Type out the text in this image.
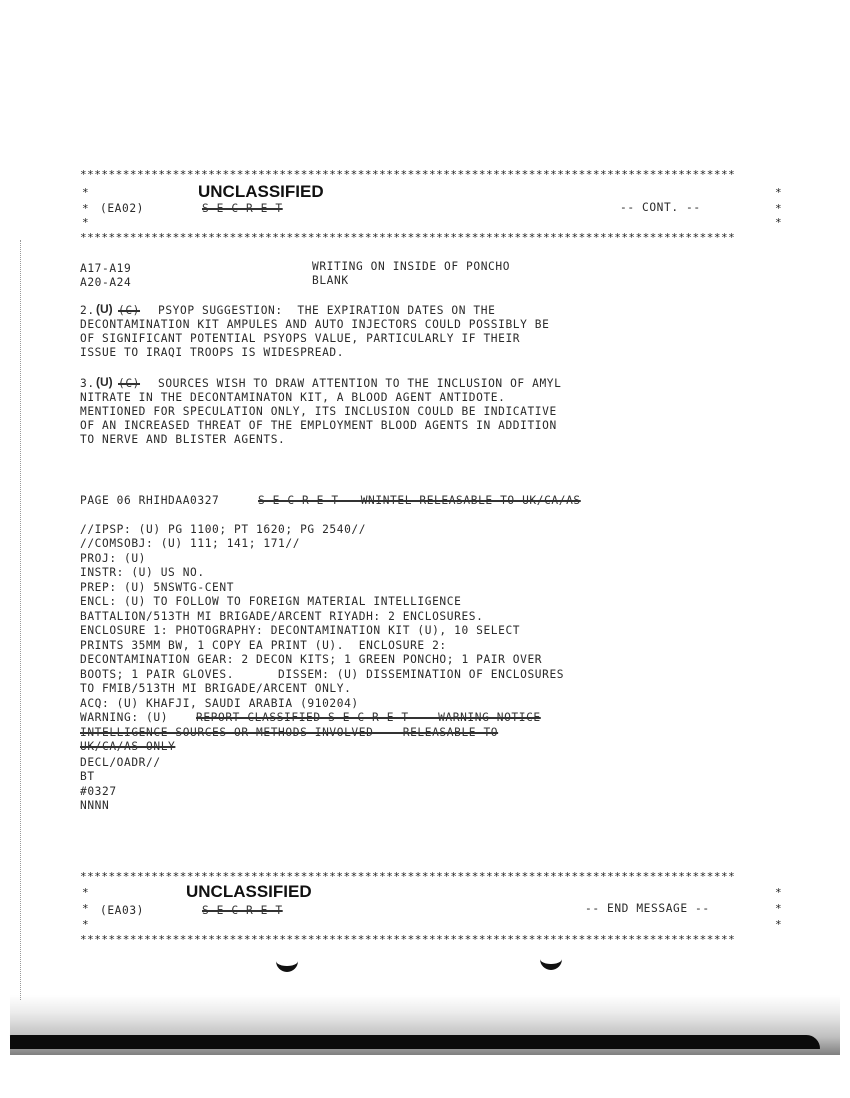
********************************************************************************************
*	*
UNCLASSIFIED
* (EA02)	S E C R E T	-- CONT. --	*
*	*
********************************************************************************************
A17-A19	WRITING ON INSIDE OF PONCHO
A20-A24	BLANK
2. (U) (C) PSYOP SUGGESTION:  THE EXPIRATION DATES ON THE
DECONTAMINATION KIT AMPULES AND AUTO INJECTORS COULD POSSIBLY BE
OF SIGNIFICANT POTENTIAL PSYOPS VALUE, PARTICULARLY IF THEIR
ISSUE TO IRAQI TROOPS IS WIDESPREAD.
3. (U) (C) SOURCES WISH TO DRAW ATTENTION TO THE INCLUSION OF AMYL
NITRATE IN THE DECONTAMINATON KIT, A BLOOD AGENT ANTIDOTE.
MENTIONED FOR SPECULATION ONLY, ITS INCLUSION COULD BE INDICATIVE
OF AN INCREASED THREAT OF THE EMPLOYMENT BLOOD AGENTS IN ADDITION
TO NERVE AND BLISTER AGENTS.
PAGE 06 RHIHDAA0327	S E C R E T   WNINTEL RELEASABLE TO UK/CA/AS
//IPSP: (U) PG 1100; PT 1620; PG 2540//
//COMSOBJ: (U) 111; 141; 171//
PROJ: (U)
INSTR: (U) US NO.
PREP: (U) 5NSWTG-CENT
ENCL: (U) TO FOLLOW TO FOREIGN MATERIAL INTELLIGENCE
BATTALION/513TH MI BRIGADE/ARCENT RIYADH: 2 ENCLOSURES.
ENCLOSURE 1: PHOTOGRAPHY: DECONTAMINATION KIT (U), 10 SELECT
PRINTS 35MM BW, 1 COPY EA PRINT (U).  ENCLOSURE 2:
DECONTAMINATION GEAR: 2 DECON KITS; 1 GREEN PONCHO; 1 PAIR OVER
BOOTS; 1 PAIR GLOVES.      DISSEM: (U) DISSEMINATION OF ENCLOSURES
TO FMIB/513TH MI BRIGADE/ARCENT ONLY.
ACQ: (U) KHAFJI, SAUDI ARABIA (910204)
WARNING: (U) REPORT CLASSIFIED S E C R E T    WARNING NOTICE
INTELLIGENCE SOURCES OR METHODS INVOLVED    RELEASABLE TO
UK/CA/AS ONLY
DECL/OADR//
BT
#0327
NNNN
********************************************************************************************
*	*
UNCLASSIFIED
* (EA03)	S E C R E T	-- END MESSAGE --	*
*	*
********************************************************************************************
